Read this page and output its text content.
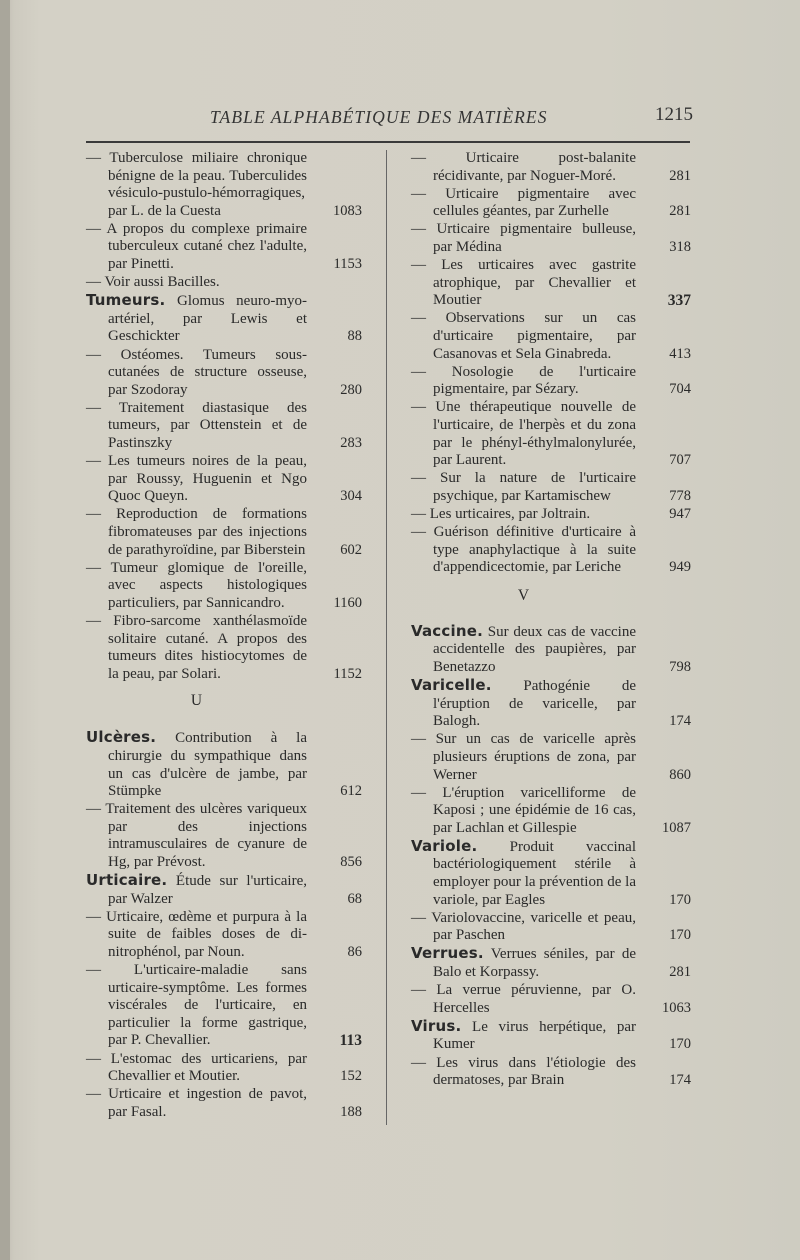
TABLE ALPHABÉTIQUE DES MATIÈRES	1215
— Tuberculose miliaire chronique bénigne de la peau. Tuberculides vésiculo-pustulo-hémorragiques, par L. de la Cuesta	1083
— A propos du complexe primaire tuberculeux cutané chez l'adulte, par Pinetti.	1153
— Voir aussi Bacilles.
Tumeurs. Glomus neuro-myo-artériel, par Lewis et Geschickter	88
— Ostéomes. Tumeurs sous-cutanées de structure osseuse, par Szodoray	280
— Traitement diastasique des tumeurs, par Ottenstein et de Pastinszky	283
— Les tumeurs noires de la peau, par Roussy, Huguenin et Ngo Quoc Queyn.	304
— Reproduction de formations fibromateuses par des injections de parathyroïdine, par Biberstein 602
— Tumeur glomique de l'oreille, avec aspects histologiques particuliers, par Sannicandro.	1160
— Fibro-sarcome xanthélasmoïde solitaire cutané. A propos des tumeurs dites histiocytomes de la peau, par Solari.	1152
U
Ulcères. Contribution à la chirurgie du sympathique dans un cas d'ulcère de jambe, par Stümpke	612
— Traitement des ulcères variqueux par des injections intramusculaires de cyanure de Hg, par Prévost.	856
Urticaire. Étude sur l'urticaire, par Walzer	68
— Urticaire, œdème et purpura à la suite de faibles doses de di-nitrophénol, par Noun.	86
— L'urticaire-maladie sans urticaire-symptôme. Les formes viscérales de l'urticaire, en particulier la forme gastrique, par P. Chevallier.	113
— L'estomac des urticariens, par Chevallier et Moutier.	152
— Urticaire et ingestion de pavot, par Fasal.	188
— Urticaire post-balanite récidivante, par Noguer-Moré.	281
— Urticaire pigmentaire avec cellules géantes, par Zurhelle	281
— Urticaire pigmentaire bulleuse, par Médina	318
— Les urticaires avec gastrite atrophique, par Chevallier et Moutier	337
— Observations sur un cas d'urticaire pigmentaire, par Casanovas et Sela Ginabreda.	413
— Nosologie de l'urticaire pigmentaire, par Sézary.	704
— Une thérapeutique nouvelle de l'urticaire, de l'herpès et du zona par le phényl-éthylmalonylurée, par Laurent.	707
— Sur la nature de l'urticaire psychique, par Kartamischew	778
— Les urticaires, par Joltrain.	947
— Guérison définitive d'urticaire à type anaphylactique à la suite d'appendicectomie, par Leriche	949
V
Vaccine. Sur deux cas de vaccine accidentelle des paupières, par Benetazzo	798
Varicelle. Pathogénie de l'éruption de varicelle, par Balogh.	174
— Sur un cas de varicelle après plusieurs éruptions de zona, par Werner	860
— L'éruption varicelliforme de Kaposi ; une épidémie de 16 cas, par Lachlan et Gillespie	1087
Variole. Produit vaccinal bactériologiquement stérile à employer pour la prévention de la variole, par Eagles	170
— Variolovaccine, varicelle et peau, par Paschen	170
Verrues. Verrues séniles, par de Balo et Korpassy.	281
— La verrue péruvienne, par O. Hercelles	1063
Virus. Le virus herpétique, par Kumer	170
— Les virus dans l'étiologie des dermatoses, par Brain	174
